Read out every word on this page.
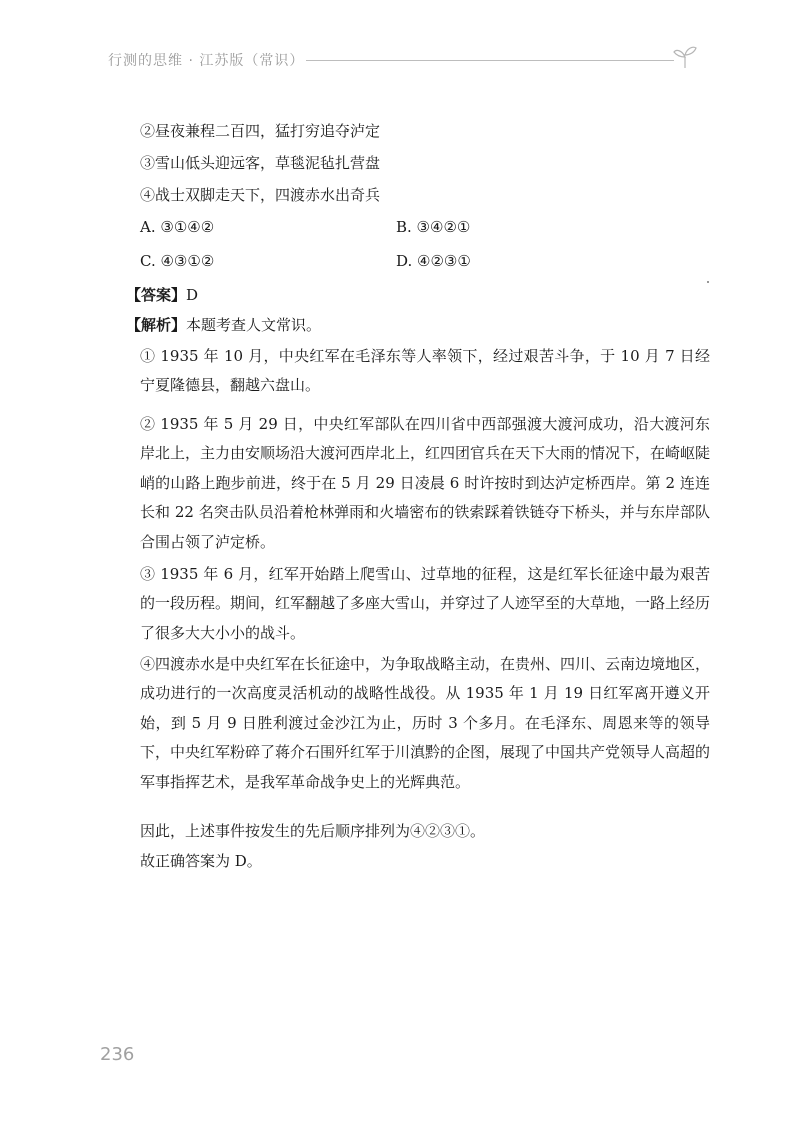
行测的思维 · 江苏版（常识）
②昼夜兼程二百四，猛打穷追夺泸定
③雪山低头迎远客，草毯泥毡扎营盘
④战士双脚走天下，四渡赤水出奇兵
A. ③①④②	B. ③④②①
C. ④③①②	D. ④②③①
【答案】D
【解析】本题考查人文常识。
① 1935 年 10 月，中央红军在毛泽东等人率领下，经过艰苦斗争，于 10 月 7 日经宁夏隆德县，翻越六盘山。
② 1935 年 5 月 29 日，中央红军部队在四川省中西部强渡大渡河成功，沿大渡河东岸北上，主力由安顺场沿大渡河西岸北上，红四团官兵在天下大雨的情况下，在崎岖陡峭的山路上跑步前进，终于在 5 月 29 日凌晨 6 时许按时到达泸定桥西岸。第 2 连连长和 22 名突击队员沿着枪林弹雨和火墙密布的铁索踩着铁链夺下桥头，并与东岸部队合围占领了泸定桥。
③ 1935 年 6 月，红军开始踏上爬雪山、过草地的征程，这是红军长征途中最为艰苦的一段历程。期间，红军翻越了多座大雪山，并穿过了人迹罕至的大草地，一路上经历了很多大大小小的战斗。
④四渡赤水是中央红军在长征途中，为争取战略主动，在贵州、四川、云南边境地区，成功进行的一次高度灵活机动的战略性战役。从 1935 年 1 月 19 日红军离开遵义开始，到 5 月 9 日胜利渡过金沙江为止，历时 3 个多月。在毛泽东、周恩来等的领导下，中央红军粉碎了蒋介石围歼红军于川滇黔的企图，展现了中国共产党领导人高超的军事指挥艺术，是我军革命战争史上的光辉典范。
因此，上述事件按发生的先后顺序排列为④②③①。
故正确答案为 D。
236
